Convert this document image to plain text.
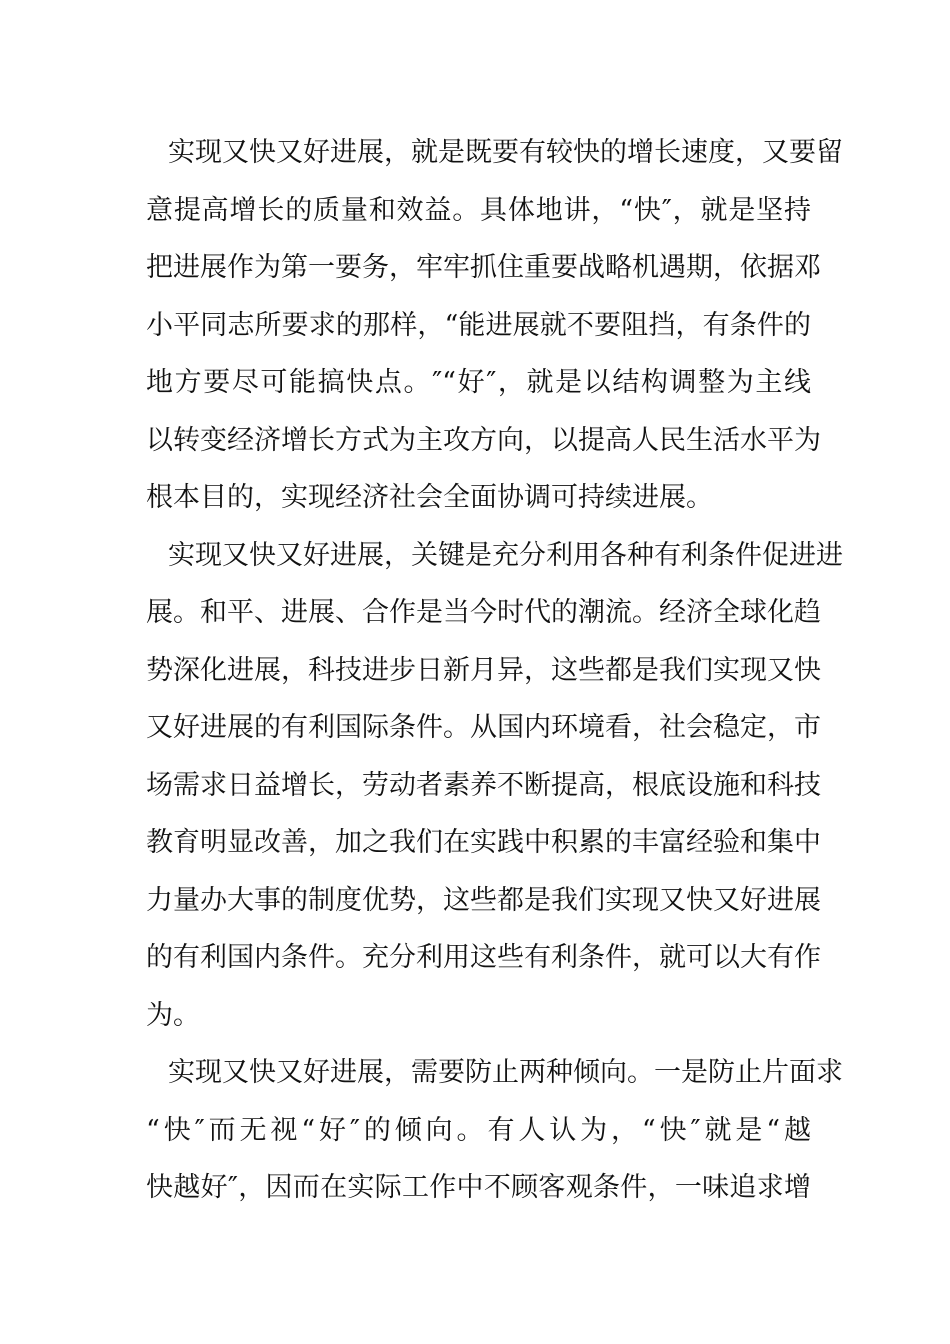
实现又快又好进展，就是既要有较快的增长速度，又要留
意提高增长的质量和效益。具体地讲，“快″，就是坚持
把进展作为第一要务，牢牢抓住重要战略机遇期，依据邓
小平同志所要求的那样，“能进展就不要阻挡，有条件的
地方要尽可能搞快点。″“好″，就是以结构调整为主线
以转变经济增长方式为主攻方向，以提高人民生活水平为
根本目的，实现经济社会全面协调可持续进展。
实现又快又好进展，关键是充分利用各种有利条件促进进
展。和平、进展、合作是当今时代的潮流。经济全球化趋
势深化进展，科技进步日新月异，这些都是我们实现又快
又好进展的有利国际条件。从国内环境看，社会稳定，市
场需求日益增长，劳动者素养不断提高，根底设施和科技
教育明显改善，加之我们在实践中积累的丰富经验和集中
力量办大事的制度优势，这些都是我们实现又快又好进展
的有利国内条件。充分利用这些有利条件，就可以大有作
为。
实现又快又好进展，需要防止两种倾向。一是防止片面求
“快″而无视“好″的倾向。有人认为，“快″就是“越
快越好″，因而在实际工作中不顾客观条件，一味追求增
